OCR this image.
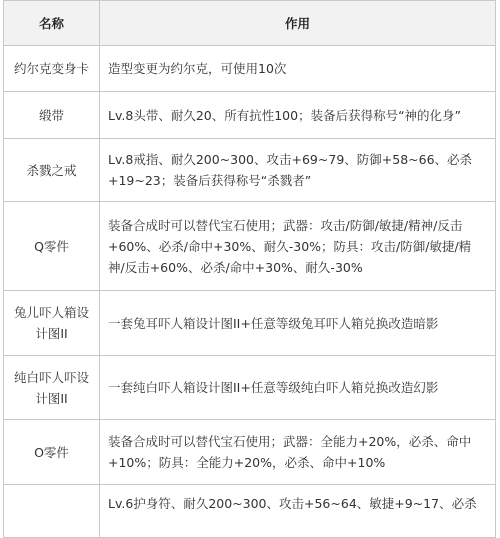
名称	作用
约尔克变身卡	造型变更为约尔克，可使用10次
缎带	Lv.8头带、耐久20、所有抗性100；装备后获得称号“神的化身”
杀戮之戒	Lv.8戒指、耐久200~300、攻击+69~79、防御+58~66、必杀+19~23；装备后获得称号“杀戮者”
Q零件	装备合成时可以替代宝石使用；武器：攻击/防御/敏捷/精神/反击+60%、必杀/命中+30%、耐久-30%；防具：攻击/防御/敏捷/精神/反击+60%、必杀/命中+30%、耐久-30%
兔儿吓人箱设计图II	一套兔耳吓人箱设计图II+任意等级兔耳吓人箱兑换改造暗影
纯白吓人吓设计图II	一套纯白吓人箱设计图II+任意等级纯白吓人箱兑换改造幻影
O零件	装备合成时可以替代宝石使用；武器：全能力+20%，必杀、命中+10%；防具：全能力+20%，必杀、命中+10%
	Lv.6护身符、耐久200~300、攻击+56~64、敏捷+9~17、必杀
